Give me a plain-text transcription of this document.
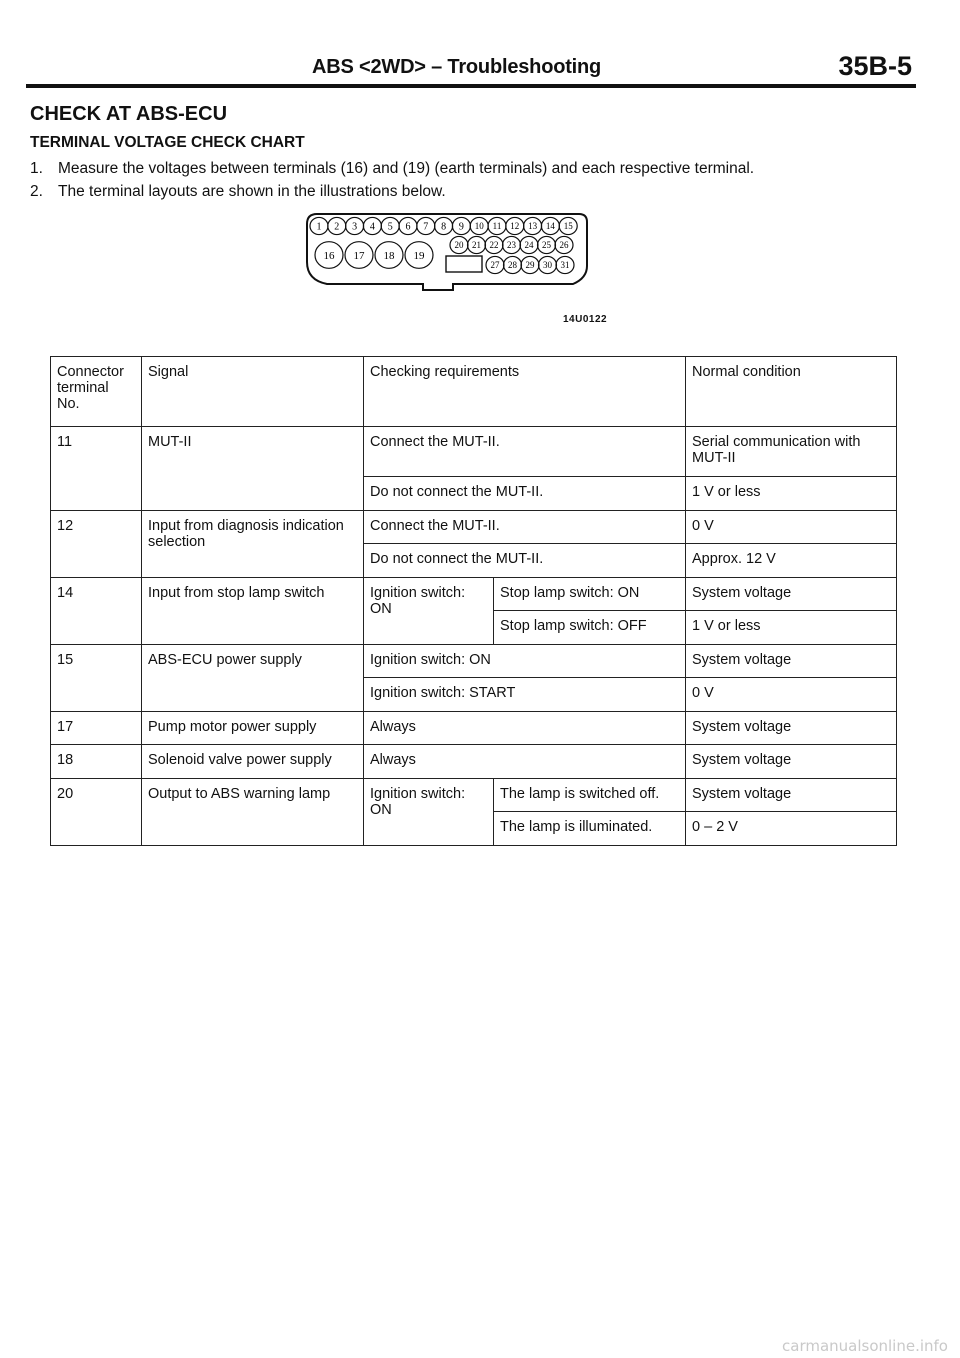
ABS <2WD> – Troubleshooting	35B-5
CHECK AT ABS-ECU
TERMINAL VOLTAGE CHECK CHART
1. Measure the voltages between terminals (16) and (19) (earth terminals) and each respective terminal.
2. The terminal layouts are shown in the illustrations below.
1 2 3 4 5 6 7 8 9 10 11 12 13 14 15
20 21 22 23 24 25 26
16 17 18 19
27 28 29 30 31
14U0122
Connector terminal No.	Signal	Checking requirements		Normal condition
11	MUT-II	Connect the MUT-II.		Serial communication with MUT-II
		Do not connect the MUT-II.		1 V or less
12	Input from diagnosis indication selection	Connect the MUT-II.		0 V
		Do not connect the MUT-II.		Approx. 12 V
14	Input from stop lamp switch	Ignition switch: ON	Stop lamp switch: ON	System voltage
			Stop lamp switch: OFF	1 V or less
15	ABS-ECU power supply	Ignition switch: ON		System voltage
		Ignition switch: START		0 V
17	Pump motor power supply	Always		System voltage
18	Solenoid valve power supply	Always		System voltage
20	Output to ABS warning lamp	Ignition switch: ON	The lamp is switched off.	System voltage
			The lamp is illuminated.	0 – 2 V
carmanualsonline.info
